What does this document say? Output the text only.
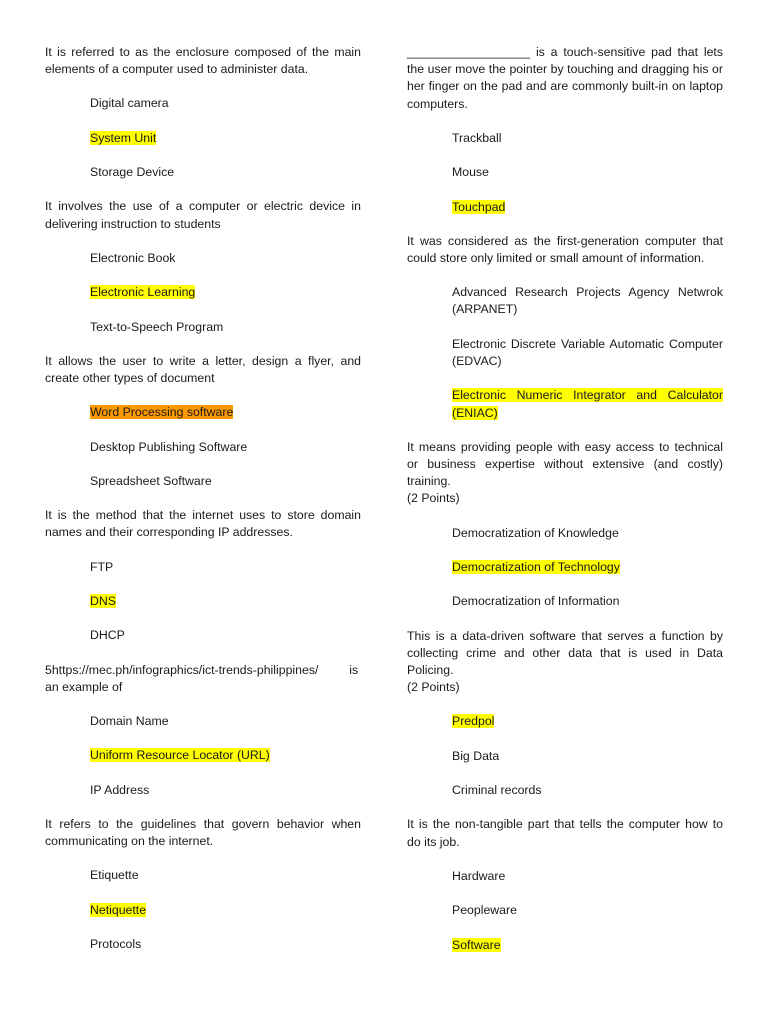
It is referred to as the enclosure composed of the main elements of a computer used to administer data.

Digital camera
System Unit
Storage Device

It involves the use of a computer or electric device in delivering instruction to students

Electronic Book
Electronic Learning
Text-to-Speech Program

It allows the user to write a letter, design a flyer, and create other types of document

Word Processing software
Desktop Publishing Software
Spreadsheet Software

It is the method that the internet uses to store domain names and their corresponding IP addresses.

FTP
DNS
DHCP

5https://mec.ph/infographics/ict-trends-philippines/	is an example of

Domain Name
Uniform Resource Locator (URL)
IP Address

It refers to the guidelines that govern behavior when communicating on the internet.

Etiquette
Netiquette
Protocols

__________________ is a touch-sensitive pad that lets the user move the pointer by touching and dragging his or her finger on the pad and are commonly built-in on laptop computers.

Trackball
Mouse
Touchpad

It was considered as the first-generation computer that could store only limited or small amount of information.

Advanced Research Projects Agency Netwrok (ARPANET)
Electronic Discrete Variable Automatic Computer (EDVAC)
Electronic Numeric Integrator and Calculator (ENIAC)

It means providing people with easy access to technical or business expertise without extensive (and costly) training.
(2 Points)

Democratization of Knowledge
Democratization of Technology
Democratization of Information

This is a data-driven software that serves a function by collecting crime and other data that is used in Data Policing.
(2 Points)

Predpol
Big Data
Criminal records

It is the non-tangible part that tells the computer how to do its job.

Hardware
Peopleware
Software
